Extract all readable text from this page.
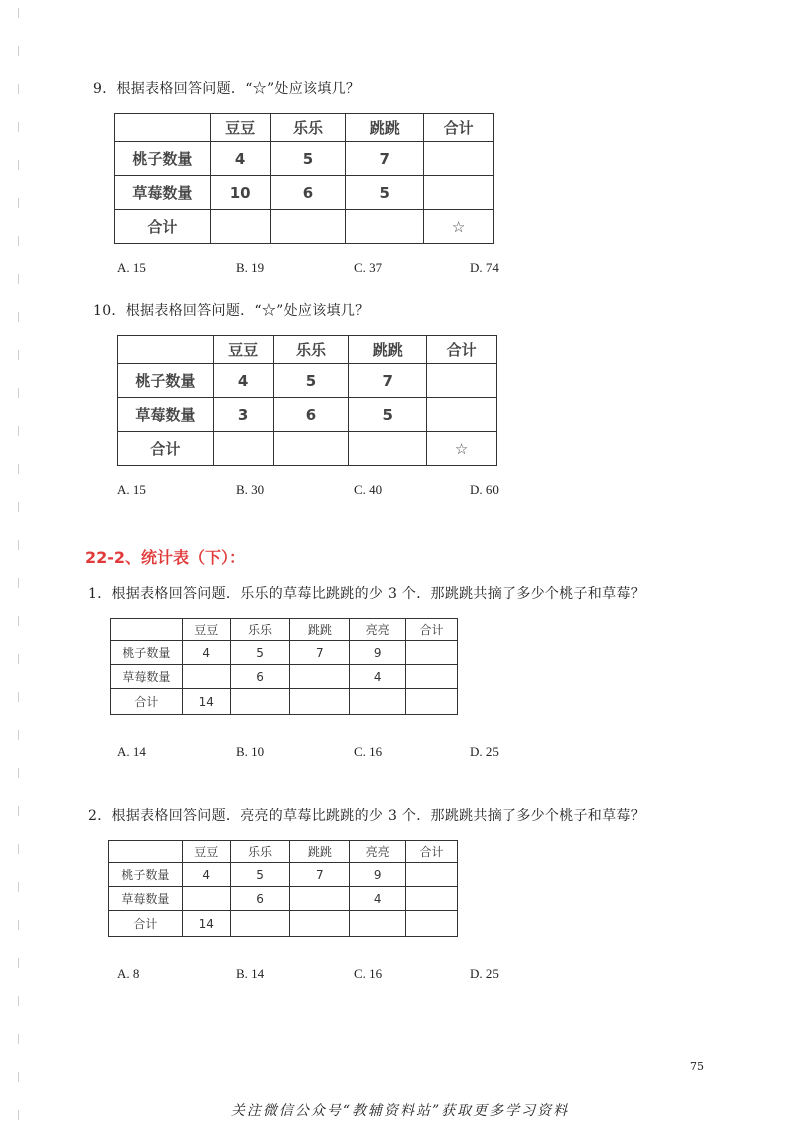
9．根据表格回答问题．“☆”处应该填几？
	豆豆	乐乐	跳跳	合计
桃子数量	4	5	7	
草莓数量	10	6	5	
合计				☆
A. 15	B. 19	C. 37	D. 74
10．根据表格回答问题．“☆”处应该填几？
	豆豆	乐乐	跳跳	合计
桃子数量	4	5	7	
草莓数量	3	6	5	
合计				☆
A. 15	B. 30	C. 40	D. 60
22-2、统计表（下）：
1．根据表格回答问题．乐乐的草莓比跳跳的少 3 个．那跳跳共摘了多少个桃子和草莓？
	豆豆	乐乐	跳跳	亮亮	合计
桃子数量	4	5	7	9	
草莓数量		6		4	
合计	14				
A. 14	B. 10	C. 16	D. 25
2．根据表格回答问题．亮亮的草莓比跳跳的少 3 个．那跳跳共摘了多少个桃子和草莓？
	豆豆	乐乐	跳跳	亮亮	合计
桃子数量	4	5	7	9	
草莓数量		6		4	
合计	14				
A. 8	B. 14	C. 16	D. 25
75
关注微信公众号“教辅资料站”获取更多学习资料
